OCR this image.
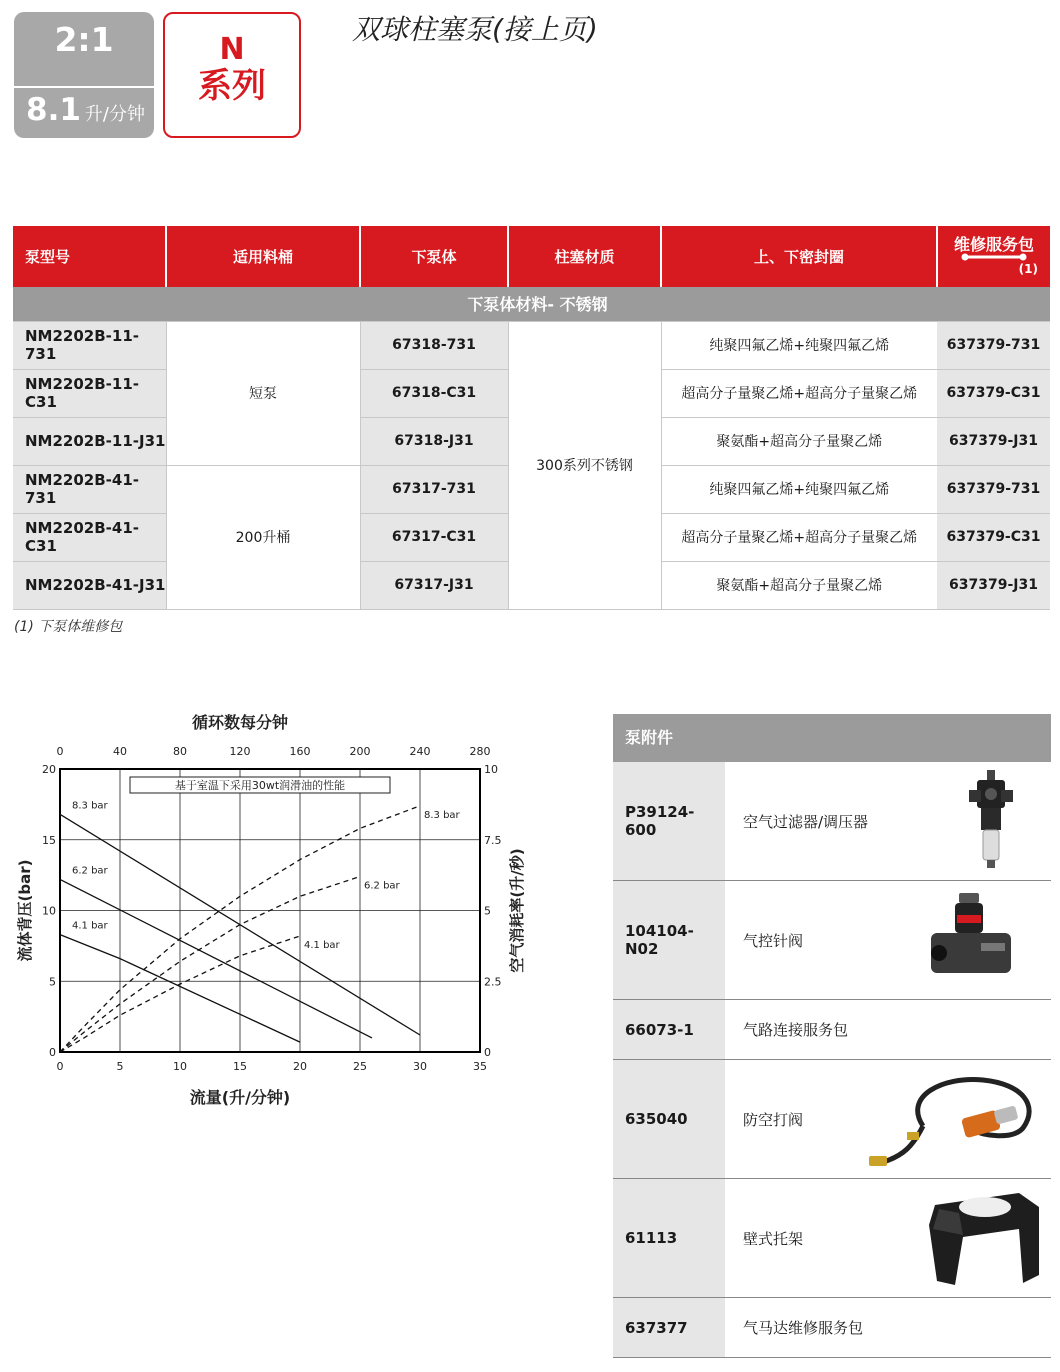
2:1
8.1 升/分钟
N
系列
双球柱塞泵(接上页)
泵型号	适用料桶	下泵体	柱塞材质	上、下密封圈	维修服务包
(1)

下泵体材料- 不锈钢					
NM2202B-11-731	短泵	67318-731	300系列不锈钢	纯聚四氟乙烯+纯聚四氟乙烯	637379-731
NM2202B-11-C31		67318-C31		超高分子量聚乙烯+超高分子量聚乙烯	637379-C31
NM2202B-11-J31		67318-J31		聚氨酯+超高分子量聚乙烯	637379-J31
NM2202B-41-731	200升桶	67317-731		纯聚四氟乙烯+纯聚四氟乙烯	637379-731
NM2202B-41-C31		67317-C31		超高分子量聚乙烯+超高分子量聚乙烯	637379-C31
NM2202B-41-J31		67317-J31		聚氨酯+超高分子量聚乙烯	637379-J31
(1) 下泵体维修包
0	5	10	15	20	25	30	35
0	40	80	120	160	200	240	280
0
5
10
15
20
0
2.5
5
7.5
10
循环数每分钟
流量(升/分钟)
流体背压(bar)	空气消耗率(升/秒)
基于室温下采用30wt润滑油的性能
8.3 bar
6.2 bar
4.1 bar
8.3 bar
6.2 bar
4.1 bar
泵附件
P39124-600	空气过滤器/调压器
104104-N02	气控针阀
66073-1	气路连接服务包
635040	防空打阀
61113	壁式托架
637377	气马达维修服务包
